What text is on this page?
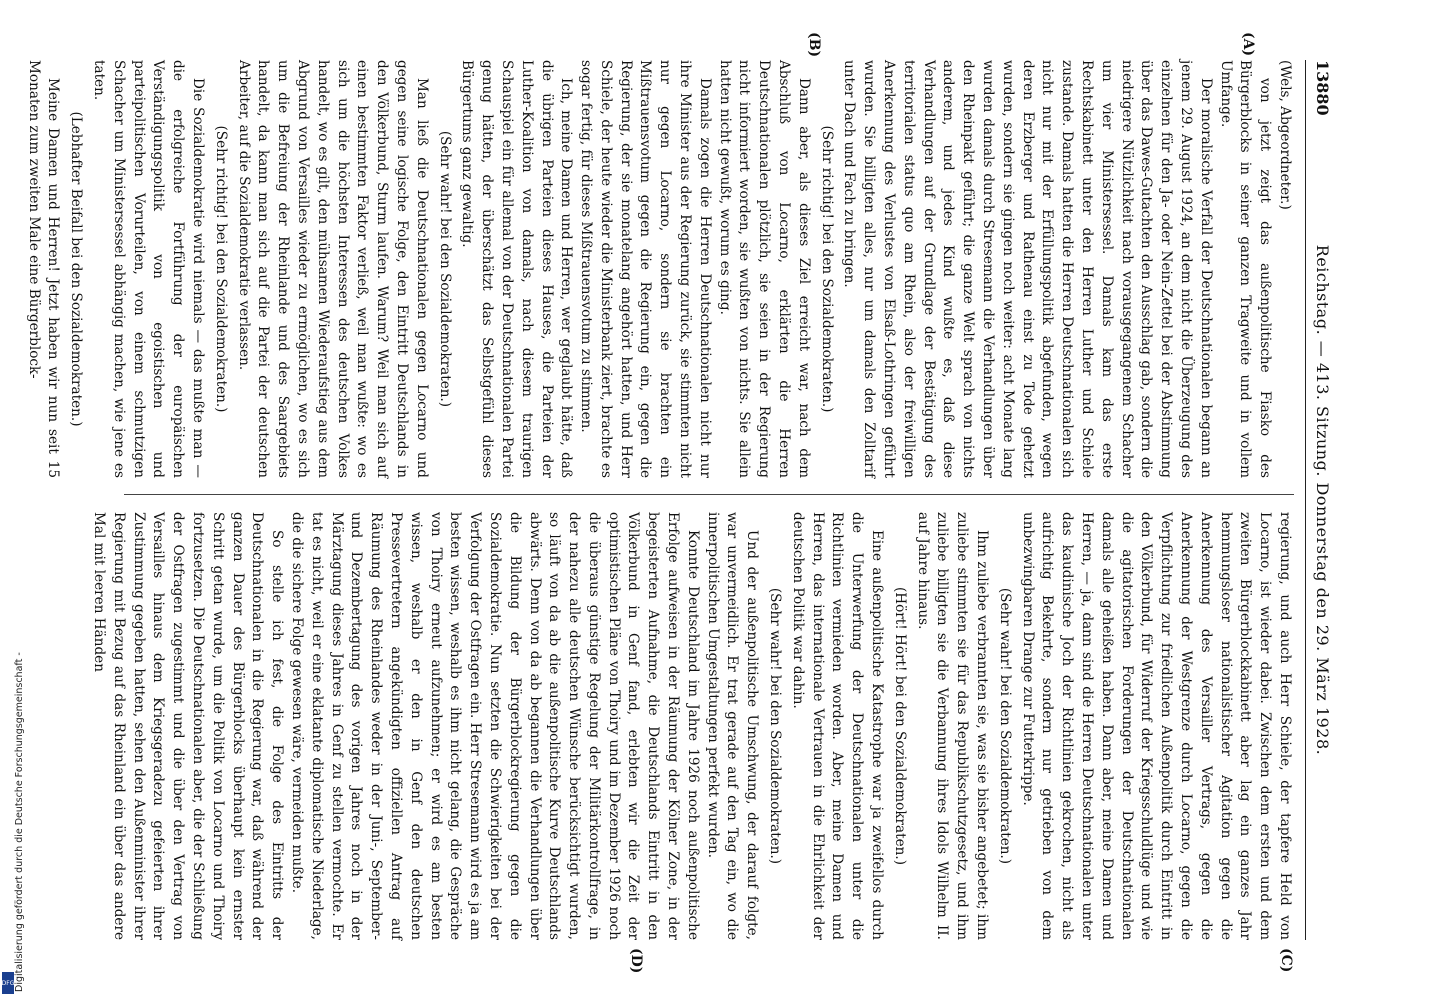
13880
Reichstag. — 413. Sitzung. Donnerstag den 29. März 1928.
(A)
(B)
(C)
(D)

(Wels, Abgeordneter.)

von jetzt zeigt das außenpolitische Fiasko des Bürgerblocks in seiner ganzen Tragweite und in vollem Umfange.

Der moralische Verfall der Deutschnationalen begann an jenem 29. August 1924, an dem nicht die Überzeugung des einzelnen für den Ja- oder Nein-Zettel bei der Abstimmung über das Dawes-Gutachten den Ausschlag gab, sondern die niedrigere Nützlichkeit nach vorausgegangenem Schacher um vier Ministersessel. Damals kam das erste Rechtskabinett unter den Herren Luther und Schiele zustande. Damals hatten die Herren Deutschnationalen sich nicht nur mit der Erfüllungspolitik abgefunden, wegen deren Erzberger und Rathenau einst zu Tode gehetzt wurden, sondern sie gingen noch weiter: acht Monate lang wurden damals durch Stresemann die Verhandlungen über den Rheinpakt geführt; die ganze Welt sprach von nichts anderem, und jedes Kind wußte es, daß diese Verhandlungen auf der Grundlage der Bestätigung des territorialen status quo am Rhein, also der freiwilligen Anerkennung des Verlustes von Elsaß-Lothringen geführt wurden. Sie billigten alles, nur um damals den Zolltarif unter Dach und Fach zu bringen.

(Sehr richtig! bei den Sozialdemokraten.)

Dann aber, als dieses Ziel erreicht war, nach dem Abschluß von Locarno, erklärten die Herren Deutschnationalen plötzlich, sie seien in der Regierung nicht informiert worden, sie wußten von nichts. Sie allein hatten nicht gewußt, worum es ging.

Damals zogen die Herren Deutschnationalen nicht nur ihre Minister aus der Regierung zurück, sie stimmten nicht nur gegen Locarno, sondern sie brachten ein Mißtrauensvotum gegen die Regierung ein, gegen die Regierung, der sie monatelang angehört hatten, und Herr Schiele, der heute wieder die Ministerbank ziert, brachte es sogar fertig, für dieses Mißtrauensvotum zu stimmen.

Ich, meine Damen und Herren, wer geglaubt hätte, daß die übrigen Parteien dieses Hauses, die Parteien der Luther-Koalition von damals, nach diesem traurigen Schauspiel ein für allemal von der Deutschnationalen Partei genug hätten, der überschätzt das Selbstgefühl dieses Bürgertums ganz gewaltig.

(Sehr wahr! bei den Sozialdemokraten.)

Man ließ die Deutschnationalen gegen Locarno und gegen seine logische Folge, den Eintritt Deutschlands in den Völkerbund, Sturm laufen. Warum? Weil man sich auf einen bestimmten Faktor verließ, weil man wußte: wo es sich um die höchsten Interessen des deutschen Volkes handelt, wo es gilt, den mühsamen Wiederaufstieg aus dem Abgrund von Versailles wieder zu ermöglichen, wo es sich um die Befreiung der Rheinlande und des Saargebiets handelt, da kann man sich auf die Partei der deutschen Arbeiter, auf die Sozialdemokratie verlassen.

(Sehr richtig! bei den Sozialdemokraten.)

Die Sozialdemokratie wird niemals — das mußte man — die erfolgreiche Fortführung der europäischen Verständigungspolitik von egoistischen und parteipolitischen Vorurteilen, von einem schmutzigen Schacher um Ministersessel abhängig machen, wie jene es taten.

(Lebhafter Beifall bei den Sozialdemokraten.)

Meine Damen und Herren! Jetzt haben wir nun seit 15 Monaten zum zweiten Male eine Bürgerblock-

regierung, und auch Herr Schiele, der tapfere Held von Locarno, ist wieder dabei. Zwischen dem ersten und dem zweiten Bürgerblockkabinett aber lag ein ganzes Jahr hemmungsloser nationalistischer Agitation gegen die Anerkennung des Versailler Vertrags, gegen die Anerkennung der Westgrenze durch Locarno, gegen die Verpflichtung zur friedlichen Außenpolitik durch Eintritt in den Völkerbund, für Widerruf der Kriegsschuldlüge und wie die agitatorischen Forderungen der Deutschnationalen damals alle geheißen haben. Dann aber, meine Damen und Herren, — ja, dann sind die Herren Deutschnationalen unter das kaudinische Joch der Richtlinien gekrochen, nicht als aufrichtig Bekehrte, sondern nur getrieben von dem unbezwingbaren Drange zur Futterkrippe.

(Sehr wahr! bei den Sozialdemokraten.)

Ihm zuliebe verbrannten sie, was sie bisher angebetet; ihm zuliebe stimmten sie für das Republikschutzgesetz, und ihm zuliebe billigten sie die Verbannung ihres Idols Wilhelm II. auf Jahre hinaus.

(Hört! Hört! bei den Sozialdemokraten.)

Eine außenpolitische Katastrophe war ja zweifellos durch die Unterwerfung der Deutschnationalen unter die Richtlinien vermieden worden. Aber, meine Damen und Herren, das internationale Vertrauen in die Ehrlichkeit der deutschen Politik war dahin.

(Sehr wahr! bei den Sozialdemokraten.)

Und der außenpolitische Umschwung, der darauf folgte, war unvermeidlich. Er trat gerade auf den Tag ein, wo die innerpolitischen Umgestaltungen perfekt wurden.

Konnte Deutschland im Jahre 1926 noch außenpolitische Erfolge aufweisen in der Räumung der Kölner Zone, in der begeisterten Aufnahme, die Deutschlands Eintritt in den Völkerbund in Genf fand, erlebten wir die Zeit der optimistischen Pläne von Thoiry und im Dezember 1926 noch die überaus günstige Regelung der Militärkontrollfrage, in der nahezu alle deutschen Wünsche berücksichtigt wurden, so läuft von da ab die außenpolitische Kurve Deutschlands abwärts. Denn von da ab begannen die Verhandlungen über die Bildung der Bürgerblockregierung gegen die Sozialdemokratie. Nun setzten die Schwierigkeiten bei der Verfolgung der Ostfragen ein. Herr Stresemann wird es ja am besten wissen, weshalb es ihm nicht gelang, die Gespräche von Thoiry erneut aufzunehmen; er wird es am besten wissen, weshalb er den in Genf den deutschen Pressevertretern angekündigten offiziellen Antrag auf Räumung des Rheinlandes weder in der Juni-, September- und Dezembertagung des vorigen Jahres noch in der Märztagung dieses Jahres in Genf zu stellen vermochte. Er tat es nicht, weil er eine eklatante diplomatische Niederlage, die die sichere Folge gewesen wäre, vermeiden mußte.

So stelle ich fest, die Folge des Eintritts der Deutschnationalen in die Regierung war, daß während der ganzen Dauer des Bürgerblocks überhaupt kein ernster Schritt getan wurde, um die Politik von Locarno und Thoiry fortzusetzen. Die Deutschnationalen aber, die der Schließung der Ostfragen zugestimmt und die über den Vertrag von Versailles hinaus dem Kriegsgeradezu gefeierten ihrer Zustimmung gegeben hatten, sehen den Außenminister ihrer Regierung mit Bezug auf das Rheinland ein über das andere Mal mit leeren Händen

Digitalisierung gefördert durch die Deutsche Forschungsgemeinschaft -
DFG
